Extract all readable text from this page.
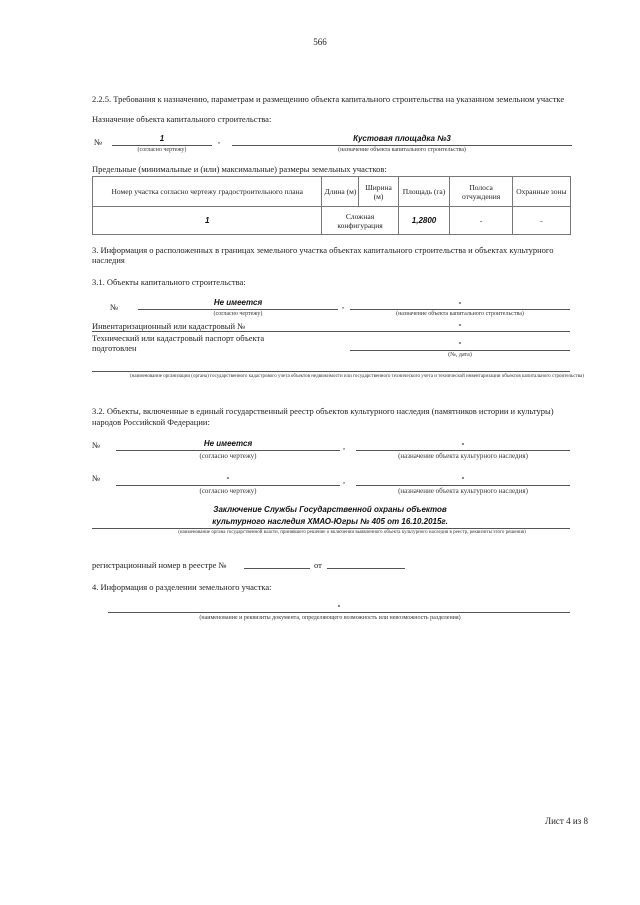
566
2.2.5. Требования к назначению, параметрам и размещению объекта капитального строительства на указанном земельном участке
Назначение объекта капитального строительства:
№	1
(согласно чертежу)
,	Кустовая площадка №3
(назначение объекта капитального строительства)
Предельные (минимальные и (или) максимальные) размеры земельных участков:
Номер участка согласно чертежу градостроительного плана	Длина (м)	Ширина (м)	Площадь (га)	Полоса отчуждения	Охранные зоны
1	Сложная конфигурация		1,2800	-	-
3. Информация о расположенных в границах земельного участка объектах капитального строительства и объектах культурного наследия
3.1. Объекты капитального строительства:
№	Не имеется
(согласно чертежу)
,	-
(назначение объекта капитального строительства)
Инвентаризационный или кадастровый №	-
Технический или кадастровый паспорт объекта подготовлен
-
(№, дата)
(наименование организации (органа) государственного кадастрового учета объектов недвижимости или государственного технического учета и технической инвентаризации объектов капитального строительства)
3.2. Объекты, включенные в единый государственный реестр объектов культурного наследия (памятников истории и культуры) народов Российской Федерации:
№	Не имеется
(согласно чертежу)
,	-
(назначение объекта культурного наследия)
№	-
(согласно чертежу)
,	-
(назначение объекта культурного наследия)
Заключение Службы Государственной охраны объектов
культурного наследия ХМАО-Югры № 405 от 16.10.2015г.
(наименование органа государственной власти, принявшего решение о включении выявленного объекта культурного наследия в реестр, реквизиты этого решения)
регистрационный номер в реестре №	от
4. Информация о разделении земельного участка:
-
(наименование и реквизиты документа, определяющего возможность или невозможность разделения)
Лист 4 из 8
